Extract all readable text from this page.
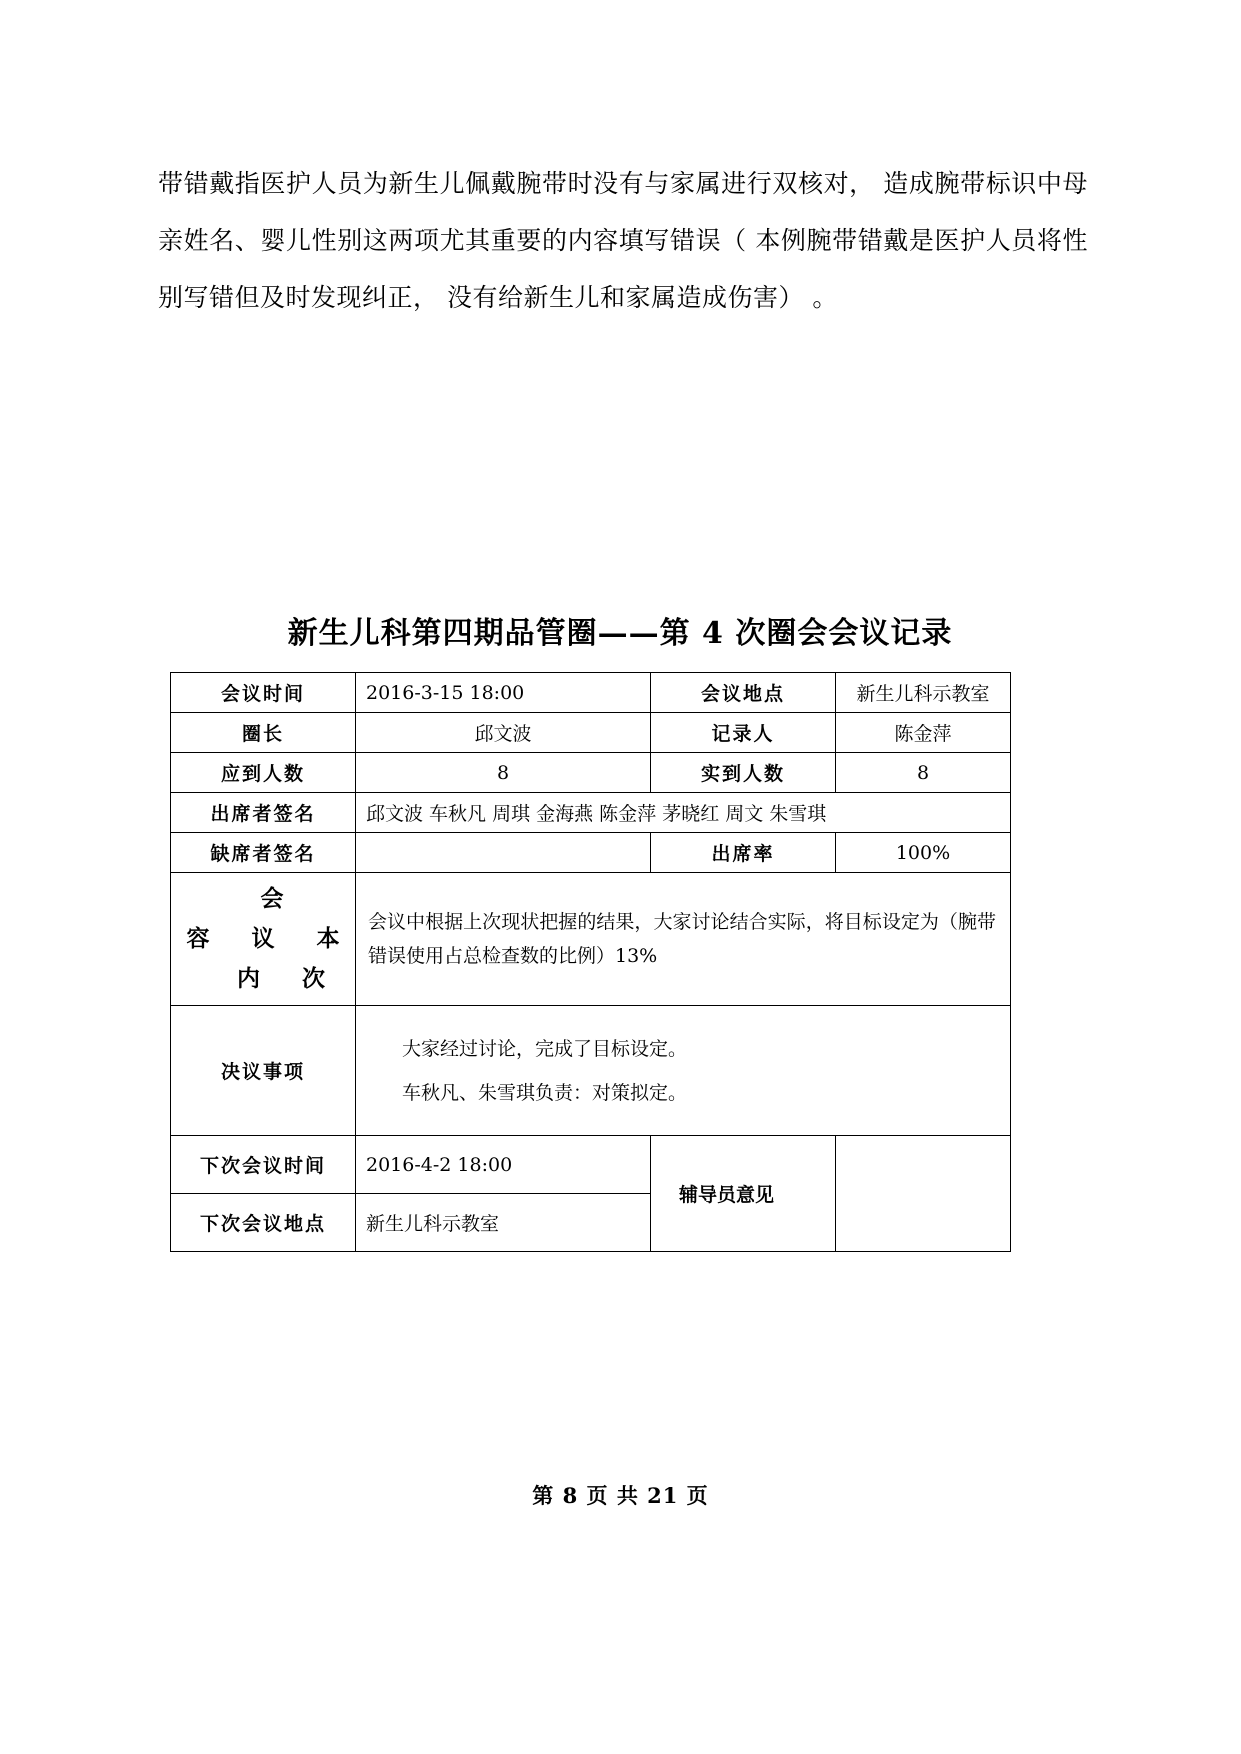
带错戴指医护人员为新生儿佩戴腕带时没有与家属进行双核对， 造成腕带标识中母亲姓名、婴儿性别这两项尤其重要的内容填写错误（ 本例腕带错戴是医护人员将性别写错但及时发现纠正， 没有给新生儿和家属造成伤害） 。

新生儿科第四期品管圈——第 4 次圈会会议记录
会议时间	2016-3-15 18:00	会议地点	新生儿科示教室
圈长	邱文波	记录人	陈金萍
应到人数	8	实到人数	8
出席者签名	邱文波 车秋凡 周琪 金海燕 陈金萍 茅晓红 周文 朱雪琪		
缺席者签名		出席率	100%

会
容 议 本
内 次	会议中根据上次现状把握的结果，大家讨论结合实际，将目标设定为（腕带错误使用占总检查数的比例）13%		
决议事项	大家经过讨论，完成了目标设定。
车秋凡、朱雪琪负责：对策拟定。		

下次会议时间	2016-4-2 18:00	辅导员意见	
下次会议地点	新生儿科示教室		
第 8 页 共 21 页
